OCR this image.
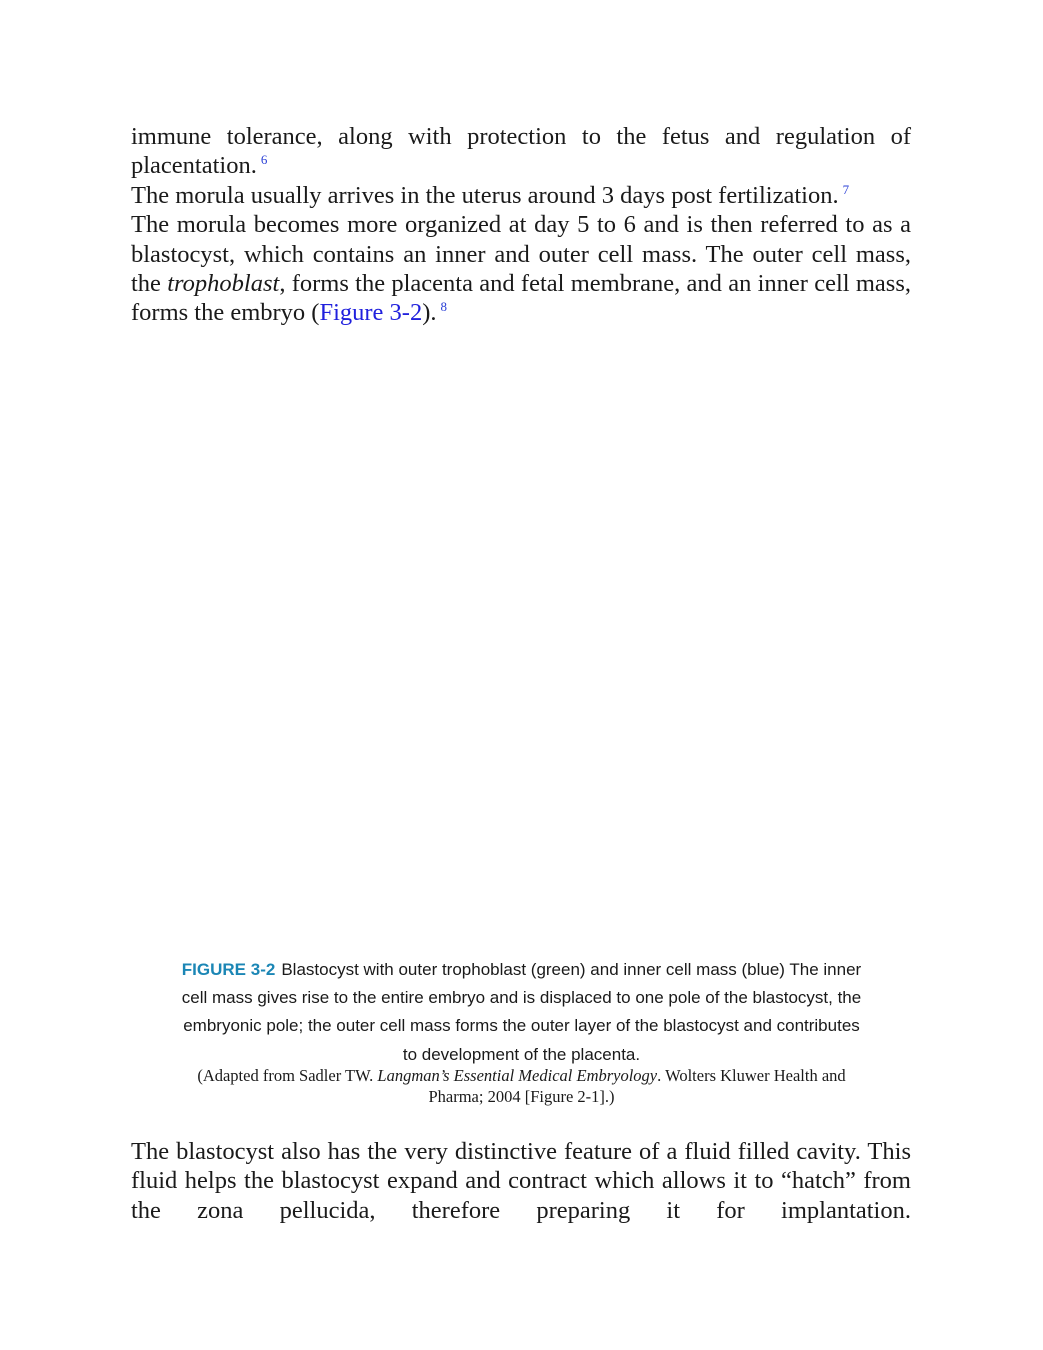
immune tolerance, along with protection to the fetus and regulation of placentation. $^6$

The morula usually arrives in the uterus around 3 days post fertilization. $^7$

The morula becomes more organized at day 5 to 6 and is then referred to as a blastocyst, which contains an inner and outer cell mass. The outer cell mass, the trophoblast, forms the placenta and fetal membrane, and an inner cell mass, forms the embryo (Figure 3-2). $^8$

FIGURE 3-2 Blastocyst with outer trophoblast (green) and inner cell mass (blue) The inner cell mass gives rise to the entire embryo and is displaced to one pole of the blastocyst, the embryonic pole; the outer cell mass forms the outer layer of the blastocyst and contributes to development of the placenta.
(Adapted from Sadler TW. Langman’s Essential Medical Embryology. Wolters Kluwer Health and Pharma; 2004 [Figure 2-1].)

The blastocyst also has the very distinctive feature of a fluid filled cavity. This fluid helps the blastocyst expand and contract which allows it to “hatch” from the zona pellucida, therefore preparing it for implantation.
